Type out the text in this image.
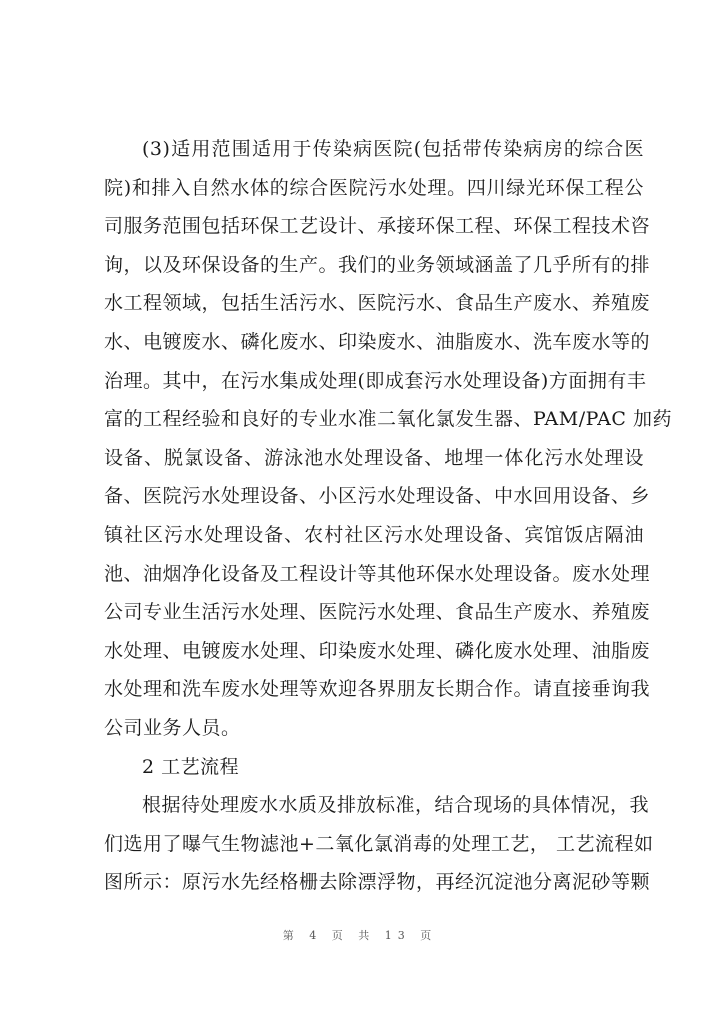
(3)适用范围适用于传染病医院(包括带传染病房的综合医
院)和排入自然水体的综合医院污水处理。四川绿光环保工程公
司服务范围包括环保工艺设计、承接环保工程、环保工程技术咨
询，以及环保设备的生产。我们的业务领域涵盖了几乎所有的排
水工程领域，包括生活污水、医院污水、食品生产废水、养殖废
水、电镀废水、磷化废水、印染废水、油脂废水、洗车废水等的
治理。其中，在污水集成处理(即成套污水处理设备)方面拥有丰
富的工程经验和良好的专业水准二氧化氯发生器、PAM/PAC 加药
设备、脱氯设备、游泳池水处理设备、地埋一体化污水处理设
备、医院污水处理设备、小区污水处理设备、中水回用设备、乡
镇社区污水处理设备、农村社区污水处理设备、宾馆饭店隔油
池、油烟净化设备及工程设计等其他环保水处理设备。废水处理
公司专业生活污水处理、医院污水处理、食品生产废水、养殖废
水处理、电镀废水处理、印染废水处理、磷化废水处理、油脂废
水处理和洗车废水处理等欢迎各界朋友长期合作。请直接垂询我
公司业务人员。
2 工艺流程
根据待处理废水水质及排放标准，结合现场的具体情况，我
们选用了曝气生物滤池+二氧化氯消毒的处理工艺， 工艺流程如
图所示：原污水先经格栅去除漂浮物，再经沉淀池分离泥砂等颗
第 4 页 共 13 页
